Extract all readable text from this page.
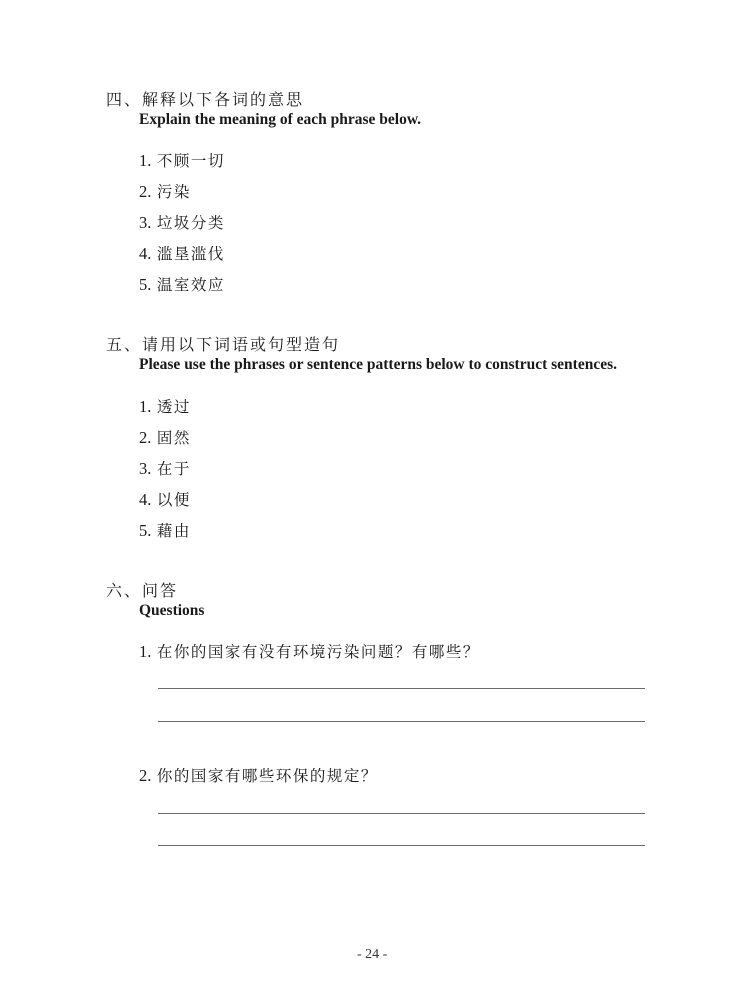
四、解释以下各词的意思
Explain the meaning of each phrase below.
1. 不顾一切
2. 污染
3. 垃圾分类
4. 滥垦滥伐
5. 温室效应
五、请用以下词语或句型造句
Please use the phrases or sentence patterns below to construct sentences.
1. 透过
2. 固然
3. 在于
4. 以便
5. 藉由
六、问答
Questions
1. 在你的国家有没有环境污染问题？有哪些？
2. 你的国家有哪些环保的规定？
- 24 -
